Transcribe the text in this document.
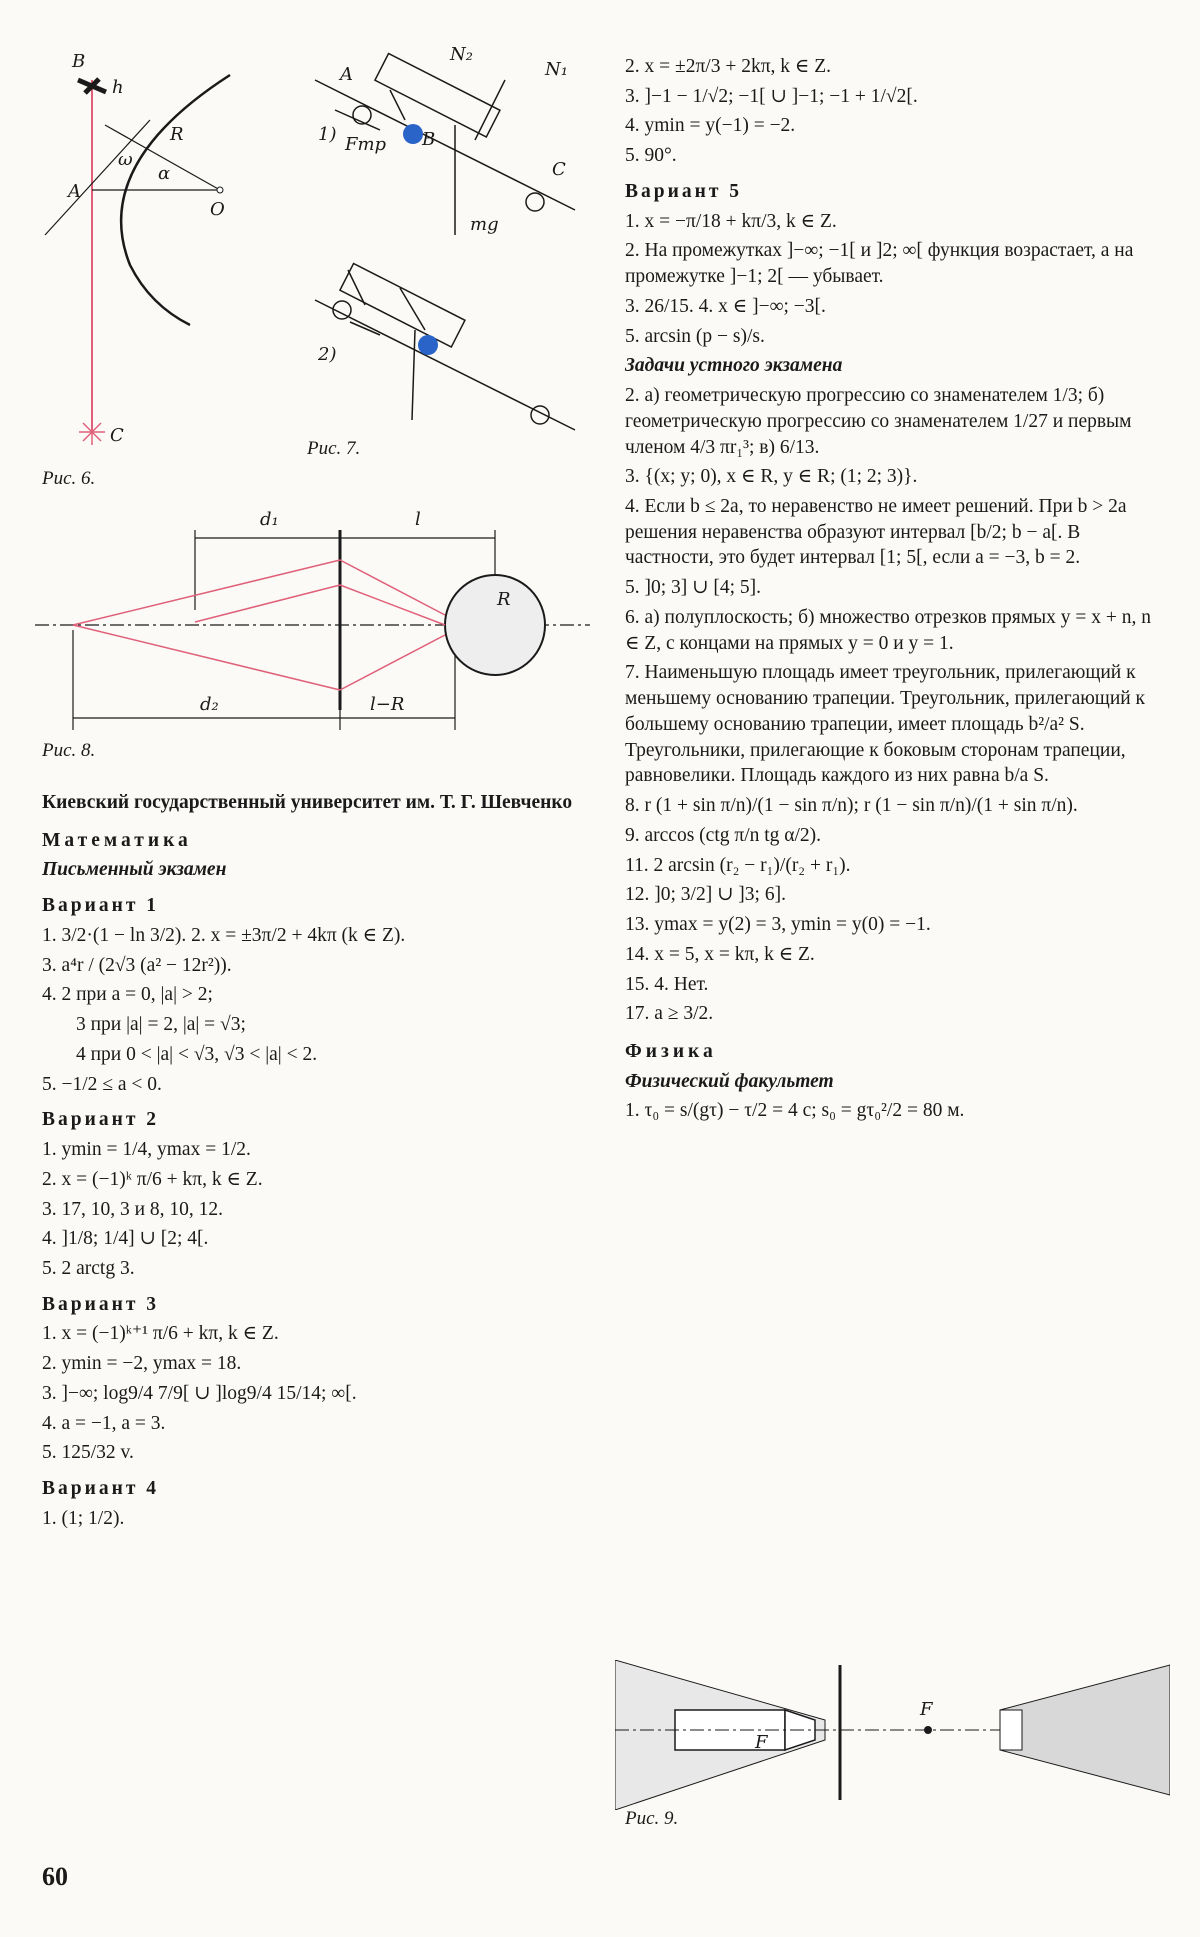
B
h
R
ω
α
A
O
C
Рис. 6.
N₂
N₁
A
Fтр B
C
mg
1)
2)
Рис. 7.
d₁	l
R
d₂	l−R
Рис. 8.
Киевский государственный университет им. Т. Г. Шевченко
Математика
Письменный экзамен
Вариант 1
1. 3/2·(1 − ln 3/2). 2. x = ±3π/2 + 4kπ (k ∈ Z).
3. a⁴r / (2√3 (a² − 12r²)).
4. 2 при a = 0, |a| > 2;
3 при |a| = 2, |a| = √3;
4 при 0 < |a| < √3, √3 < |a| < 2.
5. −1/2 ≤ a < 0.
Вариант 2
1. ymin = 1/4, ymax = 1/2.
2. x = (−1)ᵏ π/6 + kπ, k ∈ Z.
3. 17, 10, 3 и 8, 10, 12.
4. ]1/8; 1/4] ∪ [2; 4[.
5. 2 arctg 3.
Вариант 3
1. x = (−1)ᵏ⁺¹ π/6 + kπ, k ∈ Z.
2. ymin = −2, ymax = 18.
3. ]−∞; log9/4 7/9[ ∪ ]log9/4 15/14; ∞[.
4. a = −1, a = 3.
5. 125/32 v.
Вариант 4
1. (1; 1/2).
2. x = ±2π/3 + 2kπ, k ∈ Z.
3. ]−1 − 1/√2; −1[ ∪ ]−1; −1 + 1/√2[.
4. ymin = y(−1) = −2.
5. 90°.
Вариант 5
1. x = −π/18 + kπ/3, k ∈ Z.
2. На промежутках ]−∞; −1[ и ]2; ∞[ функция возрастает, а на промежутке ]−1; 2[ — убывает.
3. 26/15. 4. x ∈ ]−∞; −3[.
5. arcsin (p − s)/s.
Задачи устного экзамена
2. а) геометрическую прогрессию со знаменателем 1/3; б) геометрическую прогрессию со знаменателем 1/27 и первым членом 4/3 πr₁³; в) 6/13.
3. {(x; y; 0), x ∈ R, y ∈ R; (1; 2; 3)}.
4. Если b ≤ 2a, то неравенство не имеет решений. При b > 2a решения неравенства образуют интервал [b/2; b − a[. В частности, это будет интервал [1; 5[, если a = −3, b = 2.
5. ]0; 3] ∪ [4; 5].
6. а) полуплоскость; б) множество отрезков прямых y = x + n, n ∈ Z, с концами на прямых y = 0 и y = 1.
7. Наименьшую площадь имеет треугольник, прилегающий к меньшему основанию трапеции. Треугольник, прилегающий к большему основанию трапеции, имеет площадь b²/a² S. Треугольники, прилегающие к боковым сторонам трапеции, равновелики. Площадь каждого из них равна b/a S.
8. r (1 + sin π/n)/(1 − sin π/n); r (1 − sin π/n)/(1 + sin π/n).
9. arccos (ctg π/n tg α/2).
11. 2 arcsin (r₂ − r₁)/(r₂ + r₁).
12. ]0; 3/2] ∪ ]3; 6].
13. ymax = y(2) = 3, ymin = y(0) = −1.
14. x = 5, x = kπ, k ∈ Z.
15. 4. Нет.
17. a ≥ 3/2.
Физика
Физический факультет
1. τ₀ = s/(gτ) − τ/2 = 4 с; s₀ = gτ₀²/2 = 80 м.
F
F
Рис. 9.
60
